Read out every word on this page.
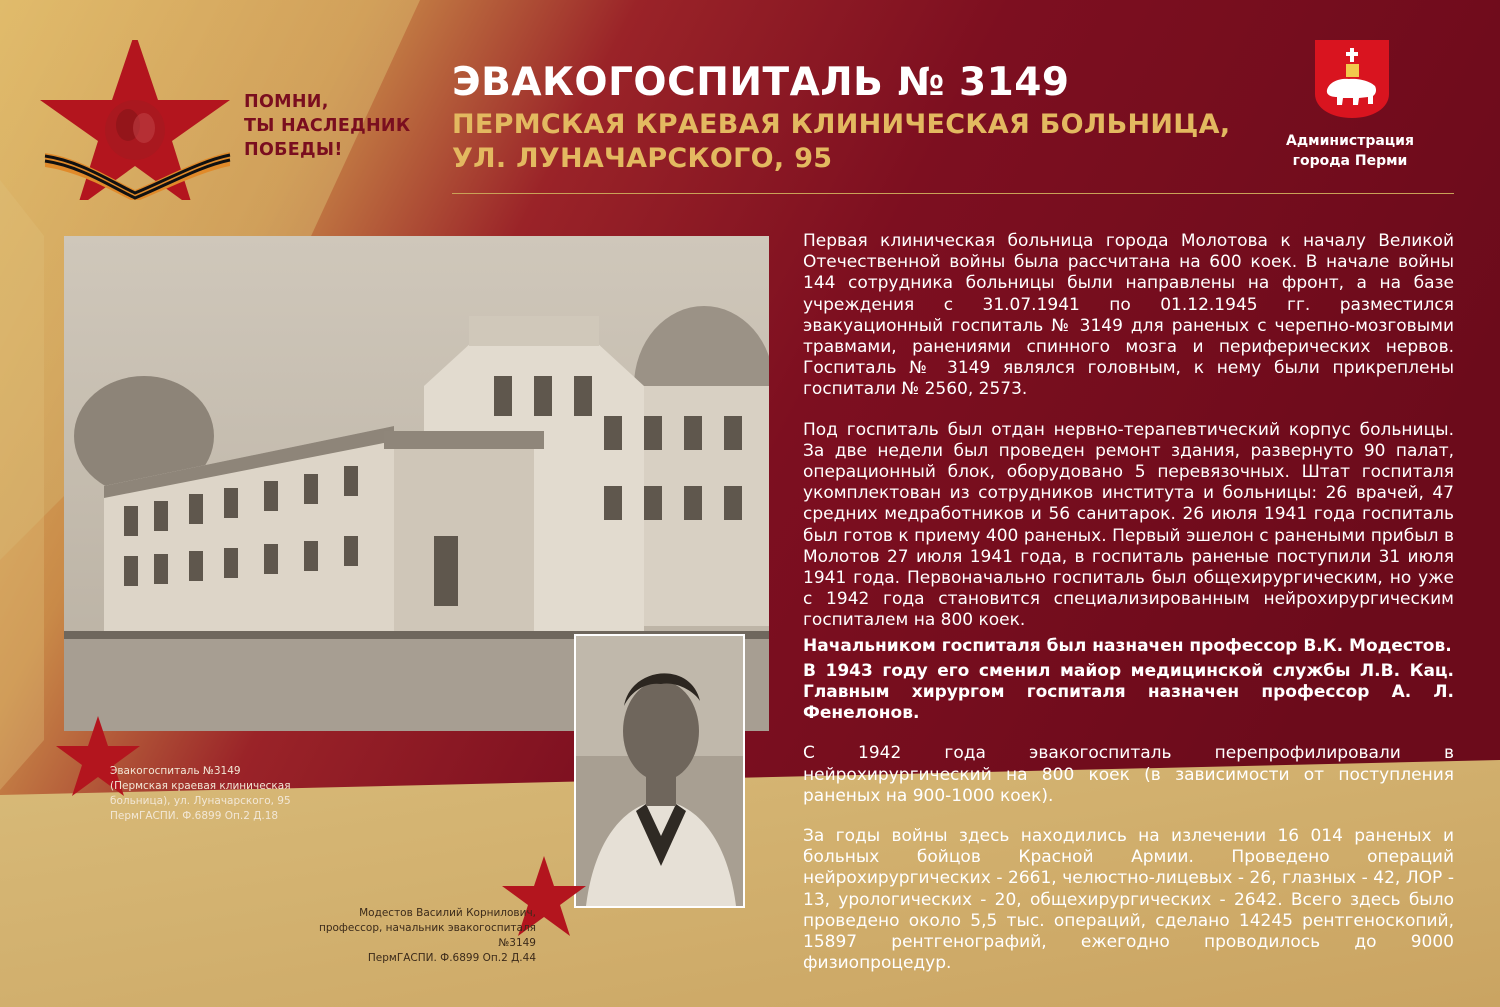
ПОМНИ,
ТЫ НАСЛЕДНИК
ПОБЕДЫ!
ЭВАКОГОСПИТАЛЬ № 3149
ПЕРМСКАЯ КРАЕВАЯ КЛИНИЧЕСКАЯ БОЛЬНИЦА,
УЛ. ЛУНАЧАРСКОГО, 95
Администрация
города Перми
Эвакогоспиталь №3149
(Пермская краевая клиническая
больница), ул. Луначарского, 95
ПермГАСПИ. Ф.6899 Оп.2 Д.18
Модестов Василий Корнилович,
профессор, начальник эвакогоспиталя №3149
ПермГАСПИ. Ф.6899 Оп.2 Д.44

Первая клиническая больница города Молотова к началу Великой Отечественной войны была рассчитана на 600 коек. В начале войны 144 сотрудника больницы были направлены на фронт, а на базе учреждения с 31.07.1941 по 01.12.1945 гг. разместился эвакуационный госпиталь № 3149 для раненых с черепно-мозговыми травмами, ранениями спинного мозга и периферических нервов. Госпиталь № 3149 являлся головным, к нему были прикреплены госпитали № 2560, 2573.

Под госпиталь был отдан нервно-терапевтический корпус больницы. За две недели был проведен ремонт здания, развернуто 90 палат, операционный блок, оборудовано 5 перевязочных. Штат госпиталя укомплектован из сотрудников института и больницы: 26 врачей, 47 средних медработников и 56 санитарок. 26 июля 1941 года госпиталь был готов к приему 400 раненых. Первый эшелон с ранеными прибыл в Молотов 27 июля 1941 года, в госпиталь раненые поступили 31 июля 1941 года. Первоначально госпиталь был общехирургическим, но уже с 1942 года становится специализированным нейрохирургическим госпиталем на 800 коек.

Начальником госпиталя был назначен профессор В.К. Модестов.

В 1943 году его сменил майор медицинской службы Л.В. Кац. Главным хирургом госпиталя назначен профессор А. Л. Фенелонов.

С 1942 года эвакогоспиталь перепрофилировали в нейрохирургический на 800 коек (в зависимости от поступления раненых на 900-1000 коек).

За годы войны здесь находились на излечении 16 014 раненых и больных бойцов Красной Армии. Проведено операций нейрохирургических - 2661, челюстно-лицевых - 26, глазных - 42, ЛОР - 13, урологических - 20, общехирургических - 2642. Всего здесь было проведено около 5,5 тыс. операций, сделано 14245 рентгеноскопий, 15897 рентгенографий, ежегодно проводилось до 9000 физиопроцедур.
